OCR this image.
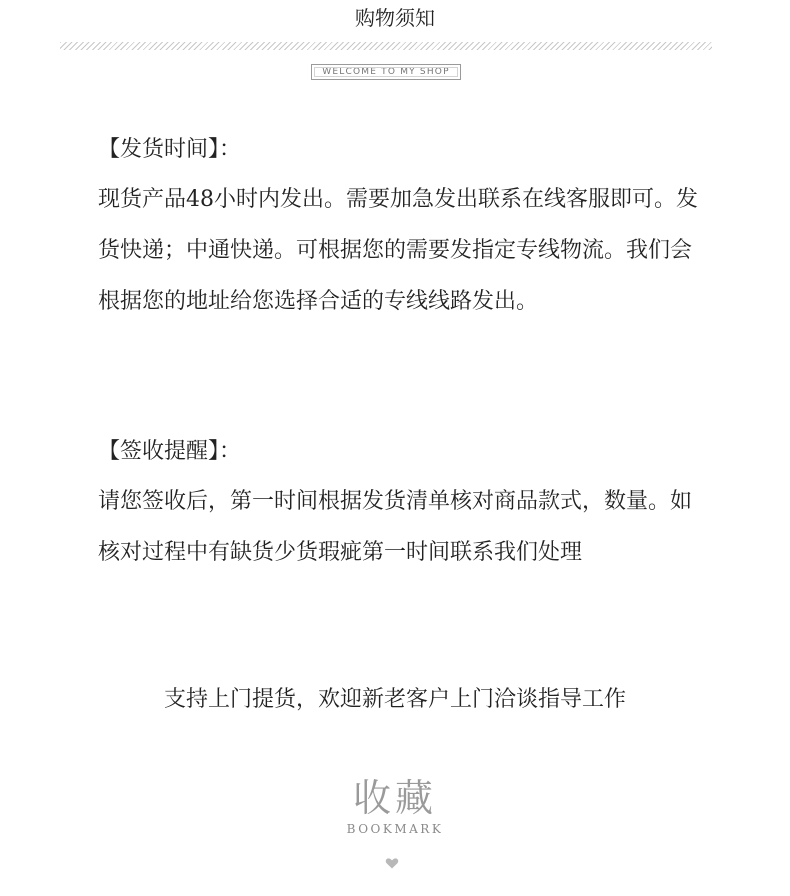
购物须知
WELCOME TO MY SHOP

【发货时间】：

现货产品48小时内发出。需要加急发出联系在线客服即可。发货快递；中通快递。可根据您的需要发指定专线物流。我们会根据您的地址给您选择合适的专线线路发出。

【签收提醒】：

请您签收后，第一时间根据发货清单核对商品款式，数量。如核对过程中有缺货少货瑕疵第一时间联系我们处理

支持上门提货，欢迎新老客户上门洽谈指导工作
收藏
BOOKMARK
